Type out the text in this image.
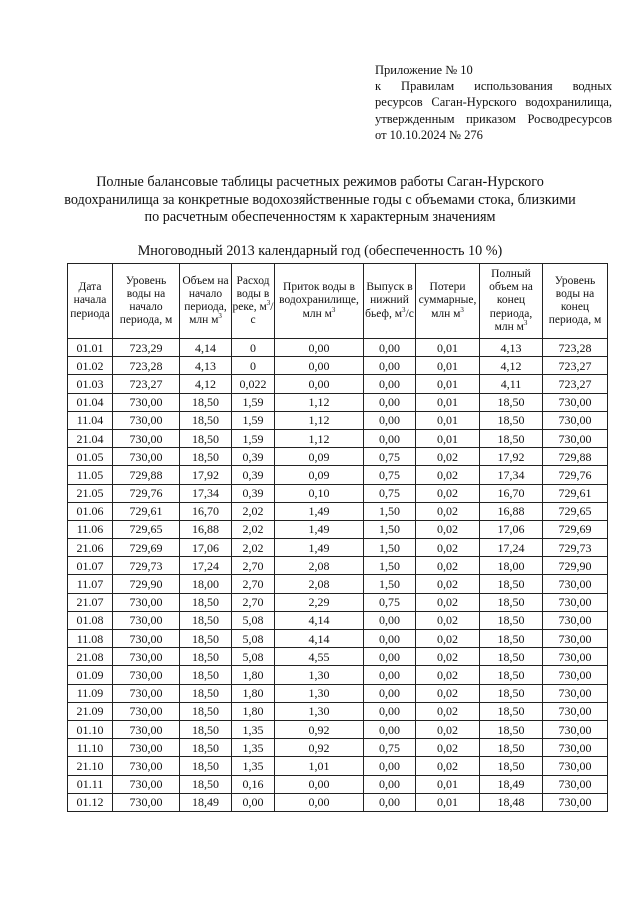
Приложение № 10
к Правилам использования водных
ресурсов Саган-Нурского водохранилища,
утвержденным приказом Росводресурсов
от 10.10.2024 № 276
Полные балансовые таблицы расчетных режимов работы Саган-Нурского
водохранилища за конкретные водохозяйственные годы с объемами стока, близкими
по расчетным обеспеченностям к характерным значениям
Многоводный 2013 календарный год (обеспеченность 10 %)
Дата начала периода	Уровень воды на начало периода, м	Объем на начало периода, млн $м^3$	Расход воды в реке, $м^3/с$	Приток воды в водохранилище, млн $м^3$	Выпуск в нижний бьеф, $м^3/с$	Потери суммарные, млн $м^3$	Полный объем на конец периода, млн $м^3$	Уровень воды на конец периода, м
01.01	723,29	4,14	0	0,00	0,00	0,01	4,13	723,28
01.02	723,28	4,13	0	0,00	0,00	0,01	4,12	723,27
01.03	723,27	4,12	0,022	0,00	0,00	0,01	4,11	723,27
01.04	730,00	18,50	1,59	1,12	0,00	0,01	18,50	730,00
11.04	730,00	18,50	1,59	1,12	0,00	0,01	18,50	730,00
21.04	730,00	18,50	1,59	1,12	0,00	0,01	18,50	730,00
01.05	730,00	18,50	0,39	0,09	0,75	0,02	17,92	729,88
11.05	729,88	17,92	0,39	0,09	0,75	0,02	17,34	729,76
21.05	729,76	17,34	0,39	0,10	0,75	0,02	16,70	729,61
01.06	729,61	16,70	2,02	1,49	1,50	0,02	16,88	729,65
11.06	729,65	16,88	2,02	1,49	1,50	0,02	17,06	729,69
21.06	729,69	17,06	2,02	1,49	1,50	0,02	17,24	729,73
01.07	729,73	17,24	2,70	2,08	1,50	0,02	18,00	729,90
11.07	729,90	18,00	2,70	2,08	1,50	0,02	18,50	730,00
21.07	730,00	18,50	2,70	2,29	0,75	0,02	18,50	730,00
01.08	730,00	18,50	5,08	4,14	0,00	0,02	18,50	730,00
11.08	730,00	18,50	5,08	4,14	0,00	0,02	18,50	730,00
21.08	730,00	18,50	5,08	4,55	0,00	0,02	18,50	730,00
01.09	730,00	18,50	1,80	1,30	0,00	0,02	18,50	730,00
11.09	730,00	18,50	1,80	1,30	0,00	0,02	18,50	730,00
21.09	730,00	18,50	1,80	1,30	0,00	0,02	18,50	730,00
01.10	730,00	18,50	1,35	0,92	0,00	0,02	18,50	730,00
11.10	730,00	18,50	1,35	0,92	0,75	0,02	18,50	730,00
21.10	730,00	18,50	1,35	1,01	0,00	0,02	18,50	730,00
01.11	730,00	18,50	0,16	0,00	0,00	0,01	18,49	730,00
01.12	730,00	18,49	0,00	0,00	0,00	0,01	18,48	730,00
